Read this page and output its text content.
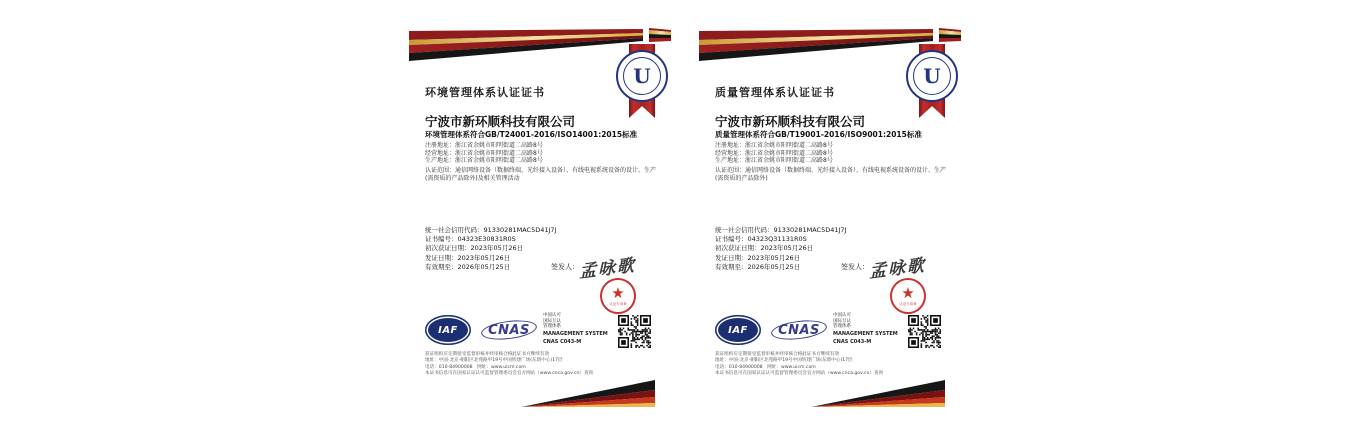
U
环境管理体系认证证书
宁波市新环顺科技有限公司
环境管理体系符合GB/T24001-2016/ISO14001:2015标准
注册地址：浙江省余姚市阳明街道二高路8号
经营地址：浙江省余姚市阳明街道二高路8号
生产地址：浙江省余姚市阳明街道二高路8号

认证范围：通信网络设备（数据终端、光纤接入设备）、有线电视系统设备的设计、生产(需资质的产品除外)及相关管理活动

统一社会信用代码：91330281MAC5D41J7J
证书编号：04323E30831R0S
初次获证日期：2023年05月26日
发证日期：2023年05月26日
有效期至：2026年05月25日	签发人： 孟咏歌
★
认证专用章
IAF CNAS
中国认可
国际互认
管理体系
MANAGEMENT SYSTEM
CNAS C043-M
获证组织应定期接受监督审核并经审核合格此证书方继续有效
地址：中国·北京·朝阳区北苑路甲19号中国铁建广场(东塔中心)17层
电话：010-84900008　网址：www.uicm.com
本证书信息可在国家认证认可监督管理委员会官方网站（www.cnca.gov.cn）查询
U
质量管理体系认证证书
宁波市新环顺科技有限公司
质量管理体系符合GB/T19001-2016/ISO9001:2015标准
注册地址：浙江省余姚市阳明街道二高路8号
经营地址：浙江省余姚市阳明街道二高路8号
生产地址：浙江省余姚市阳明街道二高路8号

认证范围：通信网络设备（数据终端、光纤接入设备）、有线电视系统设备的设计、生产(需资质的产品除外)

统一社会信用代码：91330281MAC5D41J7J
证书编号：04323Q31131R0S
初次获证日期：2023年05月26日
发证日期：2023年05月26日
有效期至：2026年05月25日	签发人： 孟咏歌
★
认证专用章
IAF CNAS
中国认可
国际互认
管理体系
MANAGEMENT SYSTEM
CNAS C043-M
获证组织应定期接受监督审核并经审核合格此证书方继续有效
地址：中国·北京·朝阳区北苑路甲19号中国铁建广场(东塔中心)17层
电话：010-84900008　网址：www.uicm.com
本证书信息可在国家认证认可监督管理委员会官方网站（www.cnca.gov.cn）查询
